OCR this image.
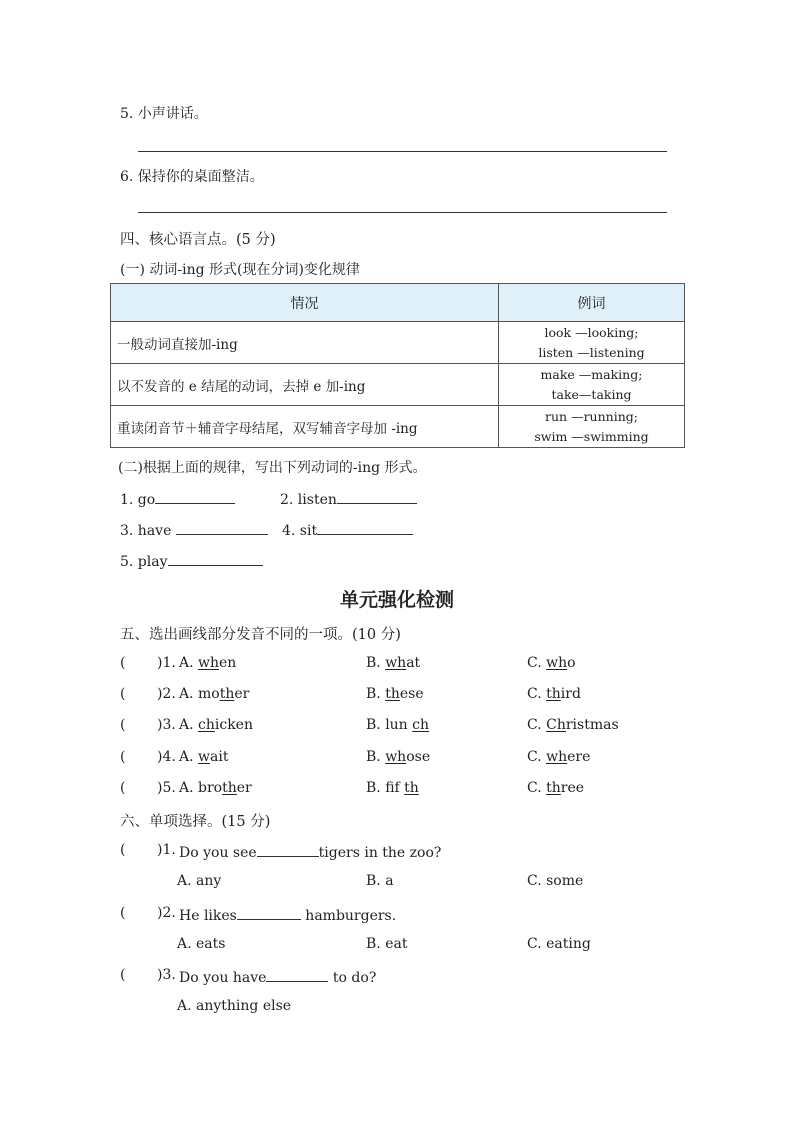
5. 小声讲话。
6. 保持你的桌面整洁。
四、核心语言点。(5 分)
(一) 动词-ing 形式(现在分词)变化规律
情况	例词
一般动词直接加-ing	look —looking;
listen —listening

以不发音的 e 结尾的动词，去掉 e 加-ing	make —making;
take—taking

重读闭音节＋辅音字母结尾，双写辅音字母加 -ing	run —running;
swim —swimming
(二)根据上面的规律，写出下列动词的-ing 形式。
1. go	2. listen
3. have	4. sit
5. play
单元强化检测
五、选出画线部分发音不同的一项。(10 分)
( )1. A. when	B. what	C. who
( )2. A. mother	B. these	C. third
( )3. A. chicken	B. lun ch	C. Christmas
( )4. A. wait	B. whose	C. where
( )5. A. brother	B. fif th	C. three
六、单项选择。(15 分)
( )1. Do you see	tigers in the zoo?
A. any	B. a	C. some
( )2. He likes	hamburgers.
A. eats	B. eat	C. eating
( )3. Do you have	to do?
A. anything else
